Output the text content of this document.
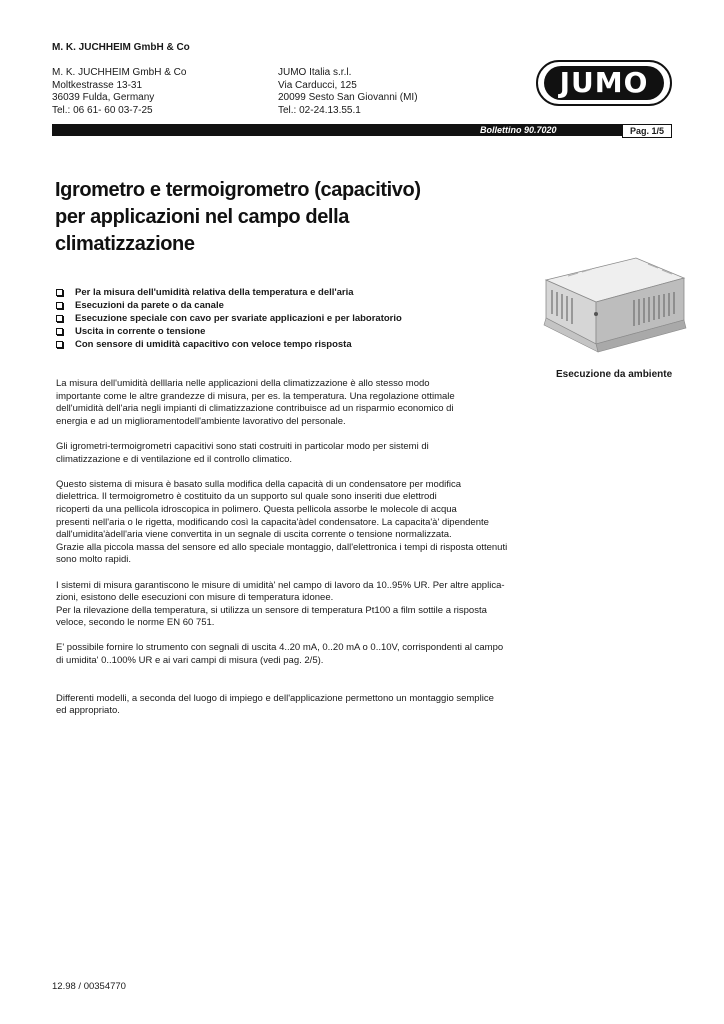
M. K. JUCHHEIM GmbH & Co
M. K. JUCHHEIM GmbH & Co
Moltkestrasse 13-31
36039 Fulda, Germany
Tel.: 06 61- 60 03-7-25
JUMO Italia s.r.l.
Via Carducci, 125
20099 Sesto San Giovanni (MI)
Tel.: 02-24.13.55.1
JUMO
Bollettino 90.7020	Pag. 1/5
Igrometro e termoigrometro (capacitivo)
per applicazioni nel campo della
climatizzazione
Per la misura dell'umidità relativa della temperatura e dell'aria
Esecuzioni da parete o da canale
Esecuzione speciale con cavo per svariate applicazioni e per laboratorio
Uscita in corrente o tensione
Con sensore di umidità capacitivo con veloce tempo risposta
Esecuzione da ambiente
La misura dell'umidità delllaria nelle applicazioni della climatizzazione è allo stesso modo
importante come le altre grandezze di misura, per es. la temperatura. Una regolazione ottimale
dell'umidità dell'aria negli impianti di climatizzazione contribuisce ad un risparmio economico di
energia e ad un miglioramentodell'ambiente lavorativo del personale.
Gli igrometri-termoigrometri capacitivi sono stati costruiti in particolar modo per sistemi di
climatizzazione e di ventilazione ed il controllo climatico.
Questo sistema di misura è basato sulla modifica della capacità di un condensatore per modifica
dielettrica. Il termoigrometro è costituito da un supporto sul quale sono inseriti due elettrodi
ricoperti da una pellicola idroscopica in polimero. Questa pellicola assorbe le molecole di acqua
presenti nell'aria o le rigetta, modificando così la capacita'àdel condensatore. La capacita'à' dipendente
dall'umidita'àdell'aria viene convertita in un segnale di uscita corrente o tensione normalizzata.
Grazie alla piccola massa del sensore ed allo speciale montaggio, dall'elettronica i tempi di risposta ottenuti
sono molto rapidi.
I sistemi di misura garantiscono le misure di umidità' nel campo di lavoro da 10..95% UR. Per altre applica-
zioni, esistono delle esecuzioni con misure di temperatura idonee.
Per la rilevazione della temperatura, si utilizza un sensore di temperatura Pt100 a film sottile a risposta
veloce, secondo le norme EN 60 751.
E' possibile fornire lo strumento con segnali di uscita 4..20 mA, 0..20 mA o 0..10V, corrispondenti al campo
di umidita' 0..100% UR e ai vari campi di misura (vedi pag. 2/5).
Differenti modelli, a seconda del luogo di impiego e dell'applicazione permettono un montaggio semplice
ed appropriato.
12.98 / 00354770
